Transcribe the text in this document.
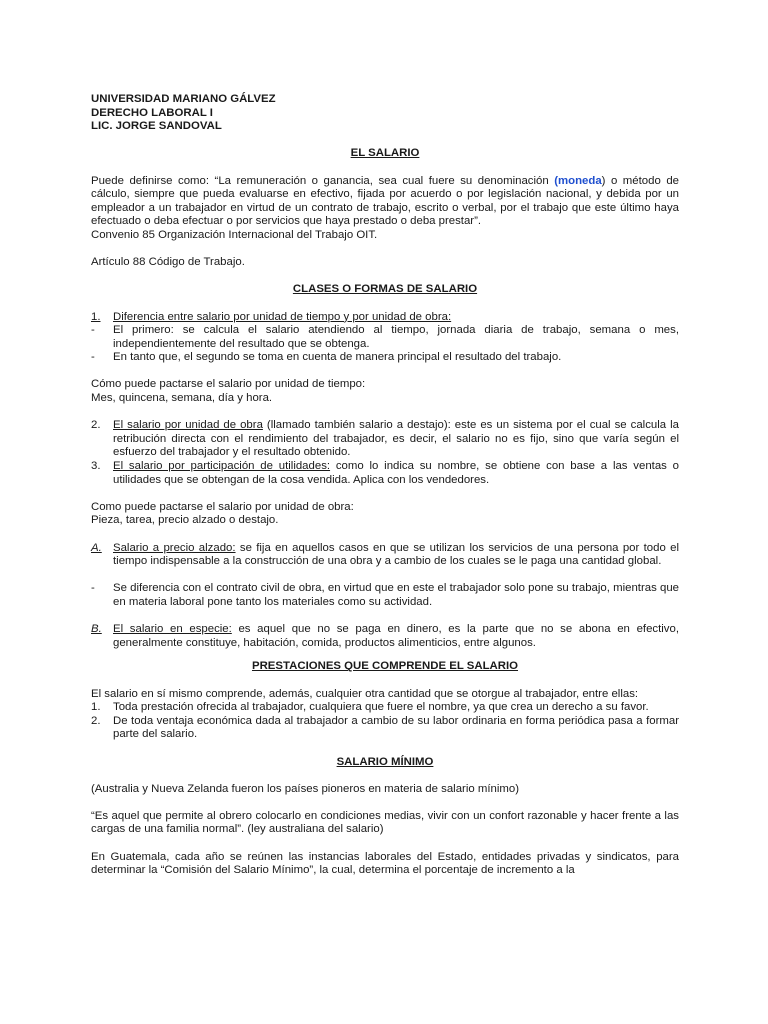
UNIVERSIDAD MARIANO GÁLVEZ
DERECHO LABORAL I
LIC. JORGE SANDOVAL
EL SALARIO
Puede definirse como: “La remuneración o ganancia, sea cual fuere su denominación (moneda) o método de cálculo, siempre que pueda evaluarse en efectivo, fijada por acuerdo o por legislación nacional, y debida por un empleador a un trabajador en virtud de un contrato de trabajo, escrito o verbal, por el trabajo que este último haya efectuado o deba efectuar o por servicios que haya prestado o deba prestar”.
Convenio 85 Organización Internacional del Trabajo OIT.
Artículo 88 Código de Trabajo.
CLASES O FORMAS DE SALARIO
1. Diferencia entre salario por unidad de tiempo y por unidad de obra:
- El primero: se calcula el salario atendiendo al tiempo, jornada diaria de trabajo, semana o mes, independientemente del resultado que se obtenga.
- En tanto que, el segundo se toma en cuenta de manera principal el resultado del trabajo.
Cómo puede pactarse el salario por unidad de tiempo:
Mes, quincena, semana, día y hora.
2. El salario por unidad de obra (llamado también salario a destajo): este es un sistema por el cual se calcula la retribución directa con el rendimiento del trabajador, es decir, el salario no es fijo, sino que varía según el esfuerzo del trabajador y el resultado obtenido.
3. El salario por participación de utilidades: como lo indica su nombre, se obtiene con base a las ventas o utilidades que se obtengan de la cosa vendida. Aplica con los vendedores.
Como puede pactarse el salario por unidad de obra:
Pieza, tarea, precio alzado o destajo.
A. Salario a precio alzado: se fija en aquellos casos en que se utilizan los servicios de una persona por todo el tiempo indispensable a la construcción de una obra y a cambio de los cuales se le paga una cantidad global.
- Se diferencia con el contrato civil de obra, en virtud que en este el trabajador solo pone su trabajo, mientras que en materia laboral pone tanto los materiales como su actividad.
B. El salario en especie: es aquel que no se paga en dinero, es la parte que no se abona en efectivo, generalmente constituye, habitación, comida, productos alimenticios, entre algunos.
PRESTACIONES QUE COMPRENDE EL SALARIO
El salario en sí mismo comprende, además, cualquier otra cantidad que se otorgue al trabajador, entre ellas:
1. Toda prestación ofrecida al trabajador, cualquiera que fuere el nombre, ya que crea un derecho a su favor.
2. De toda ventaja económica dada al trabajador a cambio de su labor ordinaria en forma periódica pasa a formar parte del salario.
SALARIO MÍNIMO
(Australia y Nueva Zelanda fueron los países pioneros en materia de salario mínimo)
“Es aquel que permite al obrero colocarlo en condiciones medias, vivir con un confort razonable y hacer frente a las cargas de una familia normal”. (ley australiana del salario)
En Guatemala, cada año se reúnen las instancias laborales del Estado, entidades privadas y sindicatos, para determinar la “Comisión del Salario Mínimo”, la cual, determina el porcentaje de incremento a la
